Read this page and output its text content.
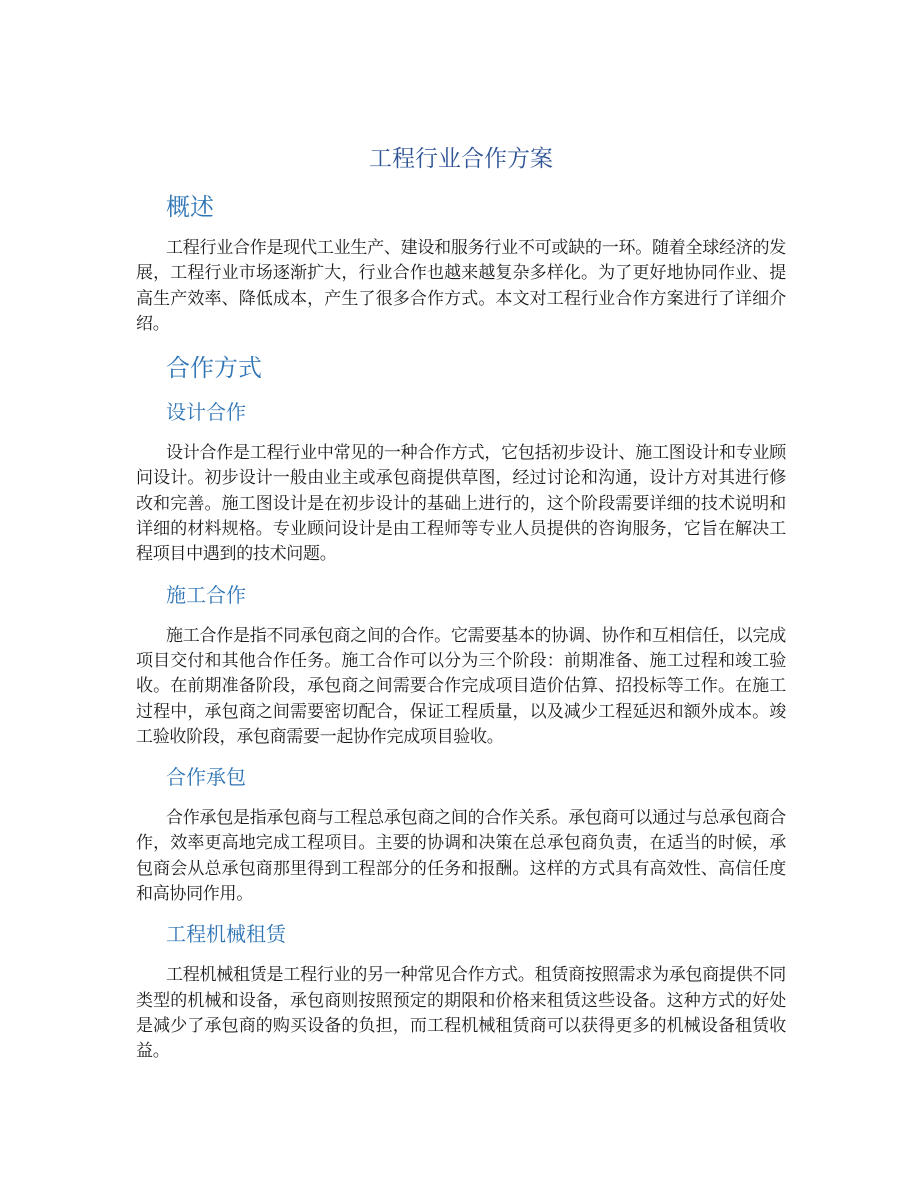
工程行业合作方案
概述

工程行业合作是现代工业生产、建设和服务行业不可或缺的一环。随着全球经济的发展，工程行业市场逐渐扩大，行业合作也越来越复杂多样化。为了更好地协同作业、提高生产效率、降低成本，产生了很多合作方式。本文对工程行业合作方案进行了详细介绍。

合作方式
设计合作

设计合作是工程行业中常见的一种合作方式，它包括初步设计、施工图设计和专业顾问设计。初步设计一般由业主或承包商提供草图，经过讨论和沟通，设计方对其进行修改和完善。施工图设计是在初步设计的基础上进行的，这个阶段需要详细的技术说明和详细的材料规格。专业顾问设计是由工程师等专业人员提供的咨询服务，它旨在解决工程项目中遇到的技术问题。

施工合作

施工合作是指不同承包商之间的合作。它需要基本的协调、协作和互相信任，以完成项目交付和其他合作任务。施工合作可以分为三个阶段：前期准备、施工过程和竣工验收。在前期准备阶段，承包商之间需要合作完成项目造价估算、招投标等工作。在施工过程中，承包商之间需要密切配合，保证工程质量，以及减少工程延迟和额外成本。竣工验收阶段，承包商需要一起协作完成项目验收。

合作承包

合作承包是指承包商与工程总承包商之间的合作关系。承包商可以通过与总承包商合作，效率更高地完成工程项目。主要的协调和决策在总承包商负责，在适当的时候，承包商会从总承包商那里得到工程部分的任务和报酬。这样的方式具有高效性、高信任度和高协同作用。

工程机械租赁

工程机械租赁是工程行业的另一种常见合作方式。租赁商按照需求为承包商提供不同类型的机械和设备，承包商则按照预定的期限和价格来租赁这些设备。这种方式的好处是减少了承包商的购买设备的负担，而工程机械租赁商可以获得更多的机械设备租赁收益。
